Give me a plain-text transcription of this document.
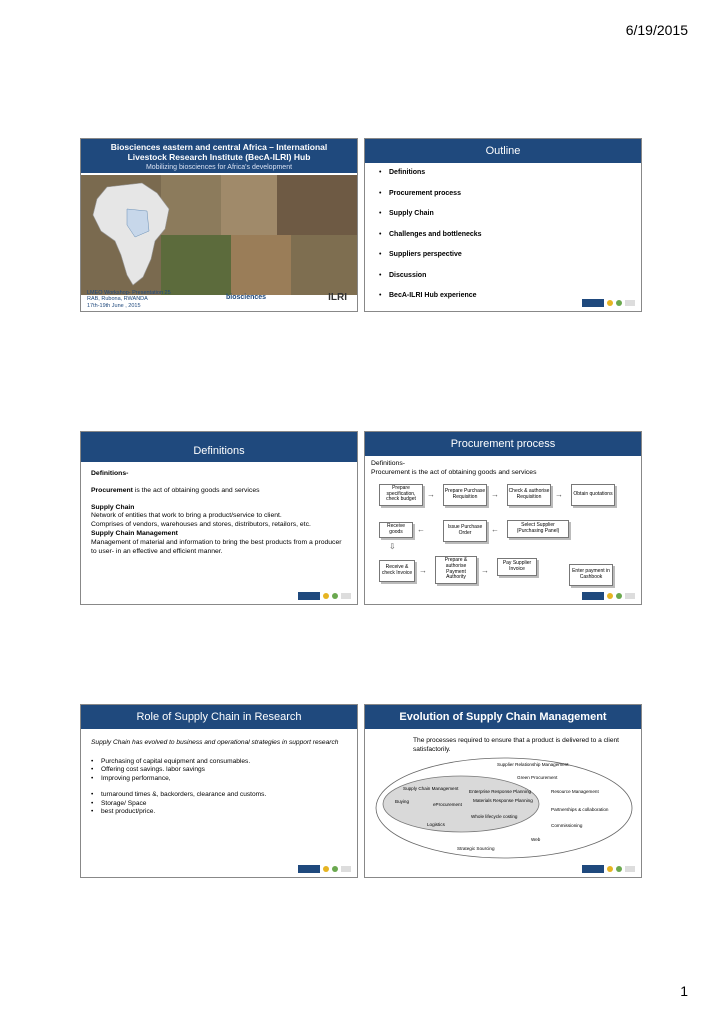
6/19/2015
Biosciences eastern and central Africa – International
Livestock Research Institute (BecA-ILRI) Hub
Mobilizing biosciences for Africa's development
LMEO Workshop- Presentation 25
RAB, Rubona, RWANDA
17th-19th June , 2015
biosciences	ILRI
Outline
•	Definitions
•	Procurement process
•	Supply Chain
•	Challenges and bottlenecks
•	Suppliers perspective
•	Discussion
•	BecA-ILRI Hub experience
Definitions
Definitions-
Procurement is the act of obtaining goods and services
Supply Chain
Network of entities that work to bring a product/service to client.
Comprises of vendors, warehouses and stores, distributors, retailors, etc.
Supply Chain Management
Management of material and information to bring the best products from a producer to user- in an effective and efficient manner.
Procurement process
Definitions-
Procurement is the act of obtaining goods and services
Prepare specification, check budget
→	Prepare Purchase Requisition	→	Check & authorise Requisition	→	Obtain quotations
Receive goods	←	Issue Purchase Order	←	Select Supplier (Purchasing Panel)
⇩
Receive & check Invoice →
Prepare & authorise Payment Authority
→
Pay Supplier Invoice	Enter payment in Cashbook
Role of Supply Chain in Research
Supply Chain has evolved to business and operational strategies in support research
•	Purchasing of capital equipment and consumables.
•	Offering cost savings. labor savings
•	Improving performance,
•	turnaround times &, backorders, clearance and customs.
•	Storage/ Space
•	best product/price.
Evolution of Supply Chain Management
The processes required to ensure that a product is delivered to a client satisfactorily.
Supplier Relationship Management
Green Procurement
Supply Chain Management
Enterprise Response Planning	Resource Management
Materials Response Planning
Buying
eProcurement
Partnerships & collaboration
Whole lifecycle costing
Logistics	Commissioning
Web
Strategic Sourcing
1
